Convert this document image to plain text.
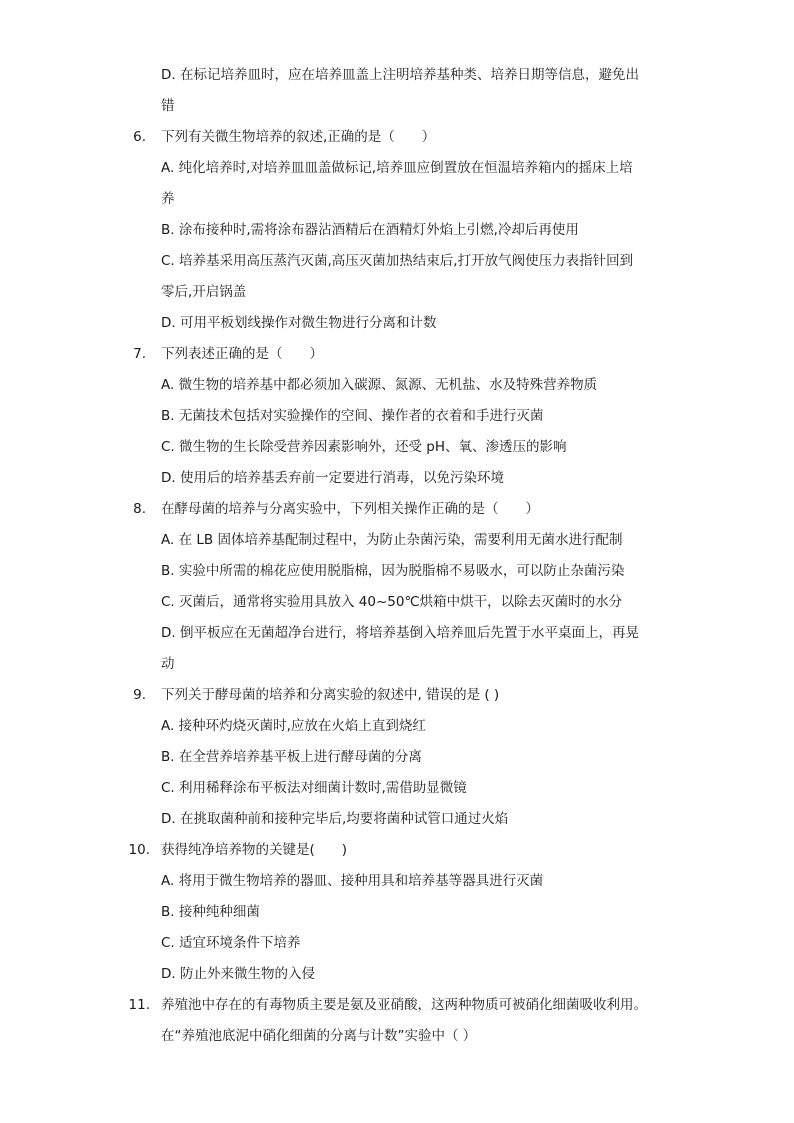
D. 在标记培养皿时，应在培养皿盖上注明培养基种类、培养日期等信息，避免出
错
6. 下列有关微生物培养的叙述,正确的是（　　）
A. 纯化培养时,对培养皿皿盖做标记,培养皿应倒置放在恒温培养箱内的摇床上培
养
B. 涂布接种时,需将涂布器沾酒精后在酒精灯外焰上引燃,冷却后再使用
C. 培养基采用高压蒸汽灭菌,高压灭菌加热结束后,打开放气阀使压力表指针回到
零后,开启锅盖
D. 可用平板划线操作对微生物进行分离和计数
7. 下列表述正确的是（　　）
A. 微生物的培养基中都必须加入碳源、氮源、无机盐、水及特殊营养物质
B. 无菌技术包括对实验操作的空间、操作者的衣着和手进行灭菌
C. 微生物的生长除受营养因素影响外，还受 pH、氧、渗透压的影响
D. 使用后的培养基丢弃前一定要进行消毒，以免污染环境
8. 在酵母菌的培养与分离实验中，下列相关操作正确的是（　　）
A. 在 LB 固体培养基配制过程中，为防止杂菌污染，需要利用无菌水进行配制
B. 实验中所需的棉花应使用脱脂棉，因为脱脂棉不易吸水，可以防止杂菌污染
C. 灭菌后，通常将实验用具放入 40~50℃烘箱中烘干，以除去灭菌时的水分
D. 倒平板应在无菌超净台进行，将培养基倒入培养皿后先置于水平桌面上，再晃
动
9. 下列关于酵母菌的培养和分离实验的叙述中, 错误的是 ( )
A. 接种环灼烧灭菌时,应放在火焰上直到烧红
B. 在全营养培养基平板上进行酵母菌的分离
C. 利用稀释涂布平板法对细菌计数时,需借助显微镜
D. 在挑取菌种前和接种完毕后,均要将菌种试管口通过火焰
10. 获得纯净培养物的关键是(　　)
A. 将用于微生物培养的器皿、接种用具和培养基等器具进行灭菌
B. 接种纯种细菌
C. 适宜环境条件下培养
D. 防止外来微生物的入侵
11. 养殖池中存在的有毒物质主要是氨及亚硝酸，这两种物质可被硝化细菌吸收利用。
在“养殖池底泥中硝化细菌的分离与计数”实验中（ ）
